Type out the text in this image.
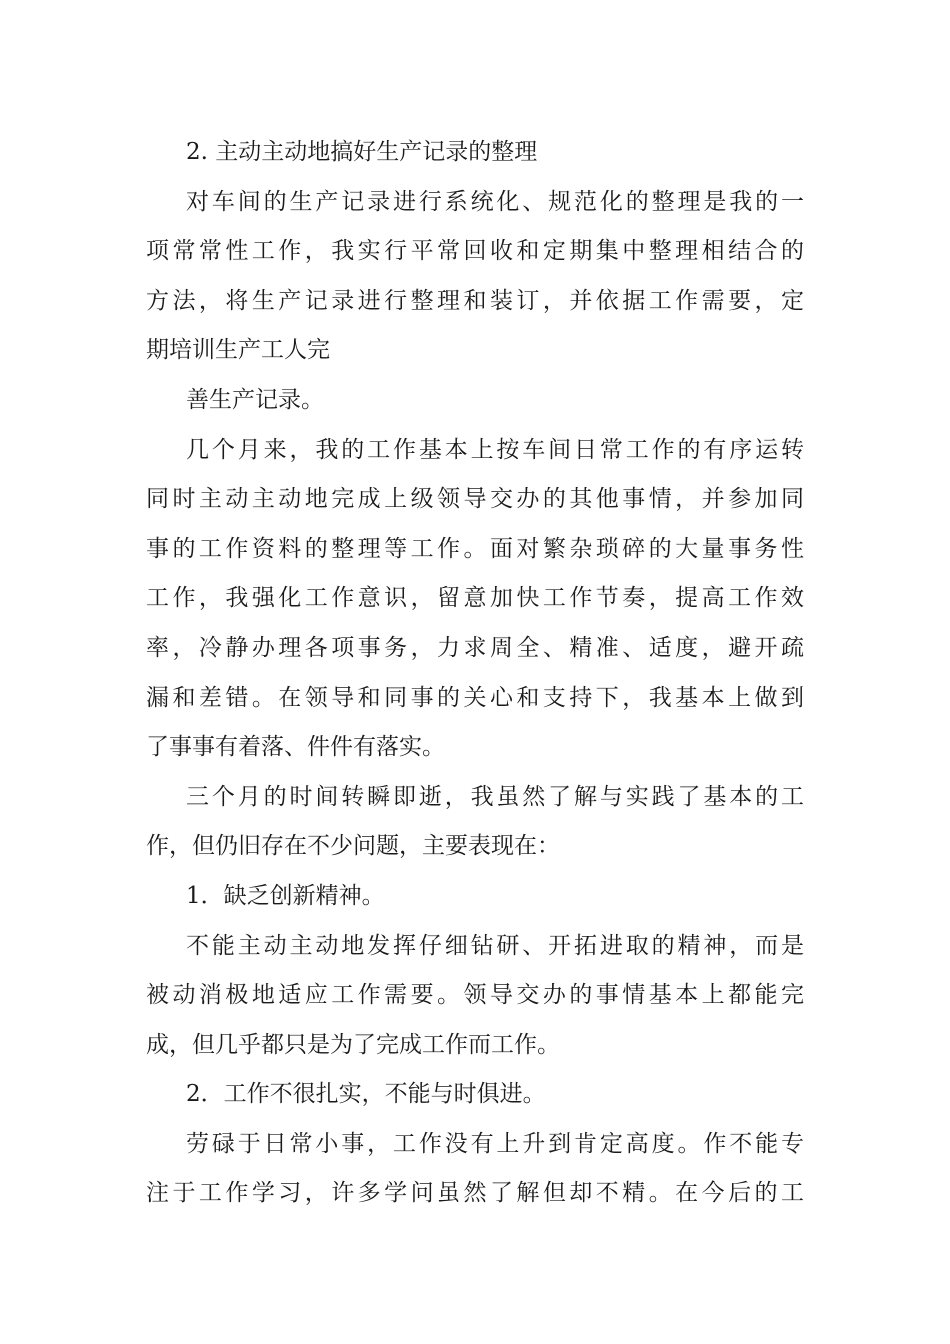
2. 主动主动地搞好生产记录的整理
对车间的生产记录进行系统化、规范化的整理是我的一
项常常性工作，我实行平常回收和定期集中整理相结合的
方法，将生产记录进行整理和装订，并依据工作需要，定
期培训生产工人完
善生产记录。
几个月来，我的工作基本上按车间日常工作的有序运转
同时主动主动地完成上级领导交办的其他事情，并参加同
事的工作资料的整理等工作。面对繁杂琐碎的大量事务性
工作，我强化工作意识，留意加快工作节奏，提高工作效
率，冷静办理各项事务，力求周全、精准、适度，避开疏
漏和差错。在领导和同事的关心和支持下，我基本上做到
了事事有着落、件件有落实。
三个月的时间转瞬即逝，我虽然了解与实践了基本的工
作，但仍旧存在不少问题，主要表现在：
1．缺乏创新精神。
不能主动主动地发挥仔细钻研、开拓进取的精神，而是
被动消极地适应工作需要。领导交办的事情基本上都能完
成，但几乎都只是为了完成工作而工作。
2．工作不很扎实，不能与时俱进。
劳碌于日常小事，工作没有上升到肯定高度。作不能专
注于工作学习，许多学问虽然了解但却不精。在今后的工
